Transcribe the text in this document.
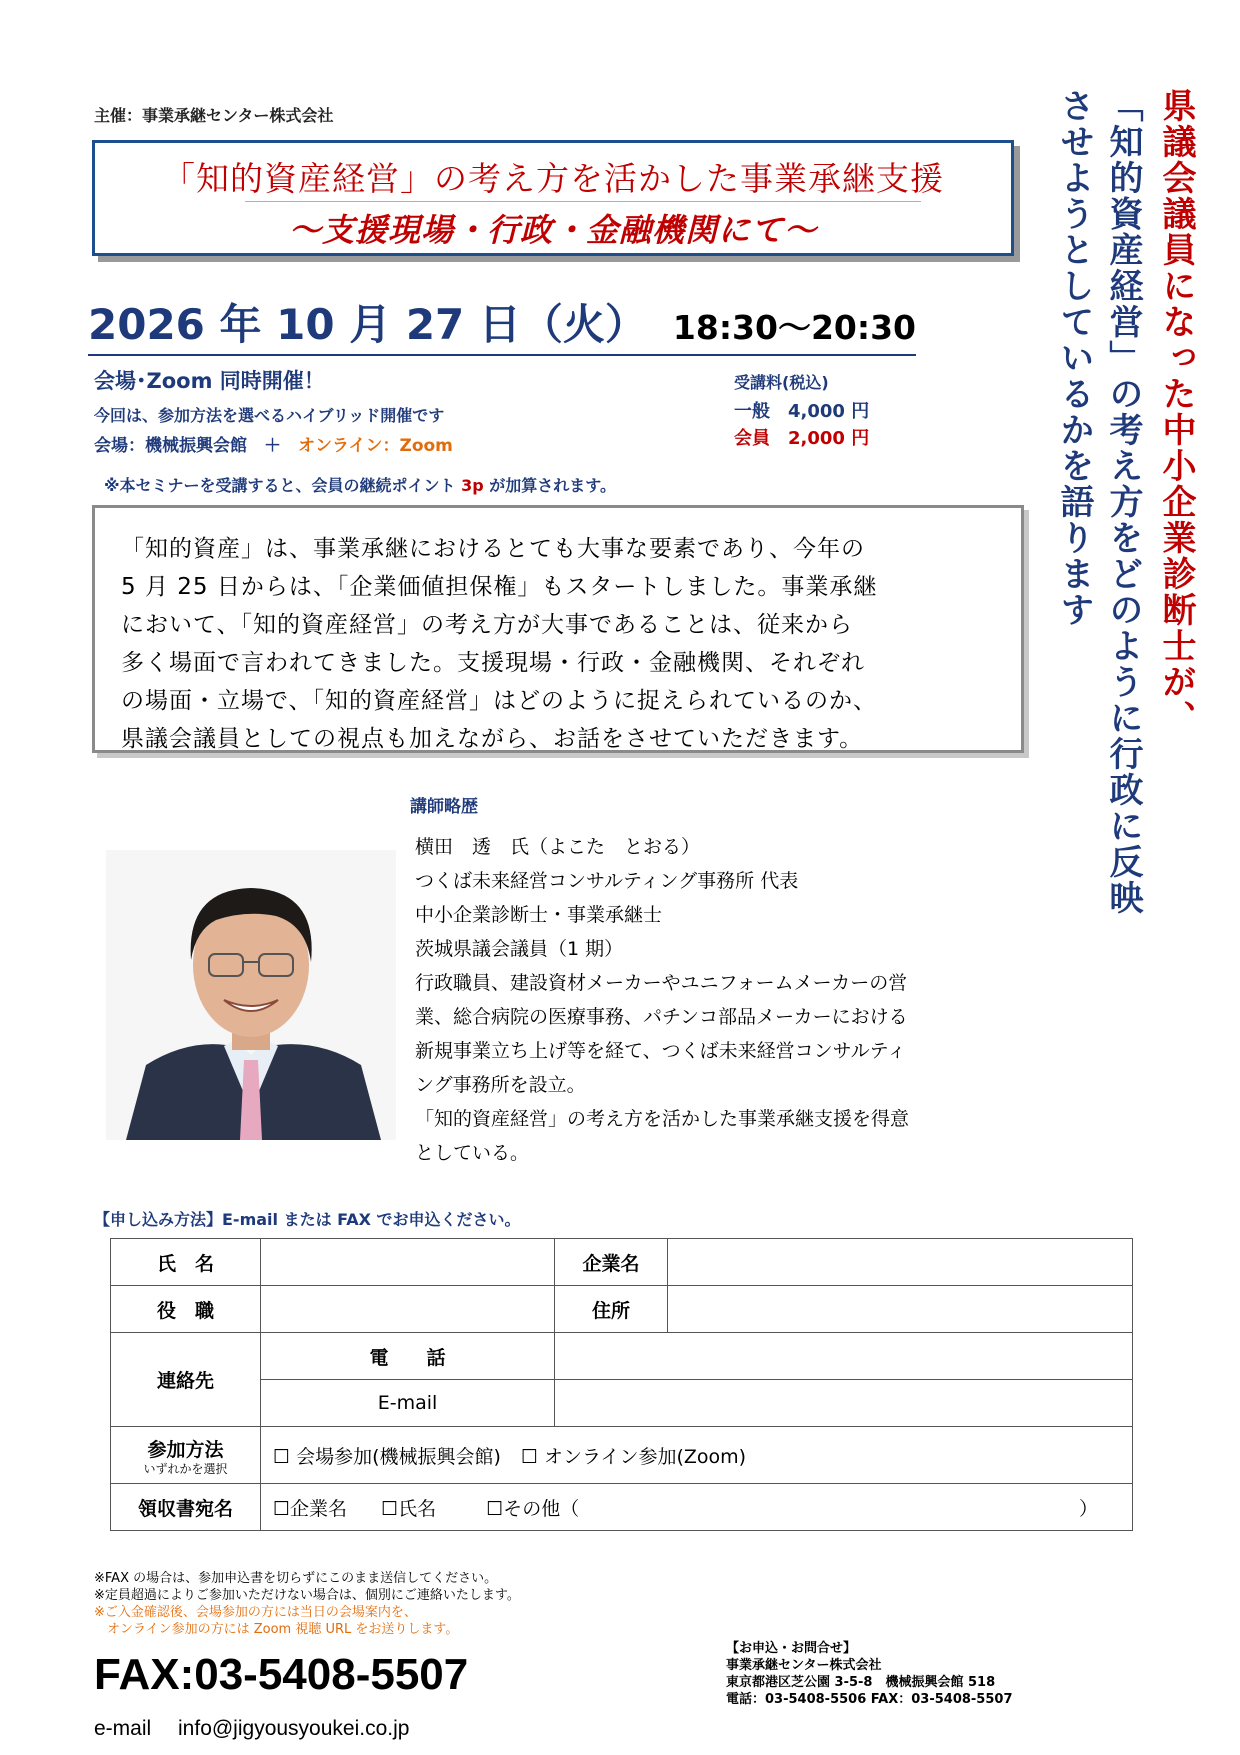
主催：事業承継センター株式会社
「知的資産経営」の考え方を活かした事業承継支援
～支援現場・行政・金融機関にて～
2026 年 10 月 27 日（火） 18:30～20:30
会場･Zoom 同時開催！
今回は、参加方法を選べるハイブリッド開催です
会場：機械振興会館　＋　オンライン：Zoom
受講料(税込)
一般　4,000 円
会員　2,000 円
※本セミナーを受講すると、会員の継続ポイント 3p が加算されます。
「知的資産」は、事業承継におけるとても大事な要素であり、今年の
5 月 25 日からは、「企業価値担保権」もスタートしました。事業承継
において、「知的資産経営」の考え方が大事であることは、従来から
多く場面で言われてきました。支援現場・行政・金融機関、それぞれ
の場面・立場で、「知的資産経営」はどのように捉えられているのか、
県議会議員としての視点も加えながら、お話をさせていただきます。
県議会議員になった中小企業診断士が、
「知的資産経営」の考え方をどのように行政に反映
させようとしているかを語ります
講師略歴
横田　透　氏（よこた　とおる）
つくば未来経営コンサルティング事務所 代表
中小企業診断士・事業承継士
茨城県議会議員（1 期）
行政職員、建設資材メーカーやユニフォームメーカーの営
業、総合病院の医療事務、パチンコ部品メーカーにおける
新規事業立ち上げ等を経て、つくば未来経営コンサルティ
ング事務所を設立。
「知的資産経営」の考え方を活かした事業承継支援を得意
としている。
【申し込み方法】E-mail または FAX でお申込ください。
氏　名		企業名	
役　職		住所	
連絡先	電　　話		
	E-mail		
参加方法
いずれかを選択	☐ 会場参加(機械振興会館) ☐ オンライン参加(Zoom)		
領収書宛名	☐企業名 ☐氏名 ☐その他（ ）		
※FAX の場合は、参加申込書を切らずにこのまま送信してください。
※定員超過によりご参加いただけない場合は、個別にご連絡いたします。
※ご入金確認後、会場参加の方には当日の会場案内を、
　オンライン参加の方には Zoom 視聴 URL をお送りします。
FAX:03-5408-5507
e-mail　 info@jigyousyoukei.co.jp
【お申込・お問合せ】
事業承継センター株式会社
東京都港区芝公園 3-5-8　機械振興会館 518
電話：03-5408-5506 FAX：03-5408-5507
